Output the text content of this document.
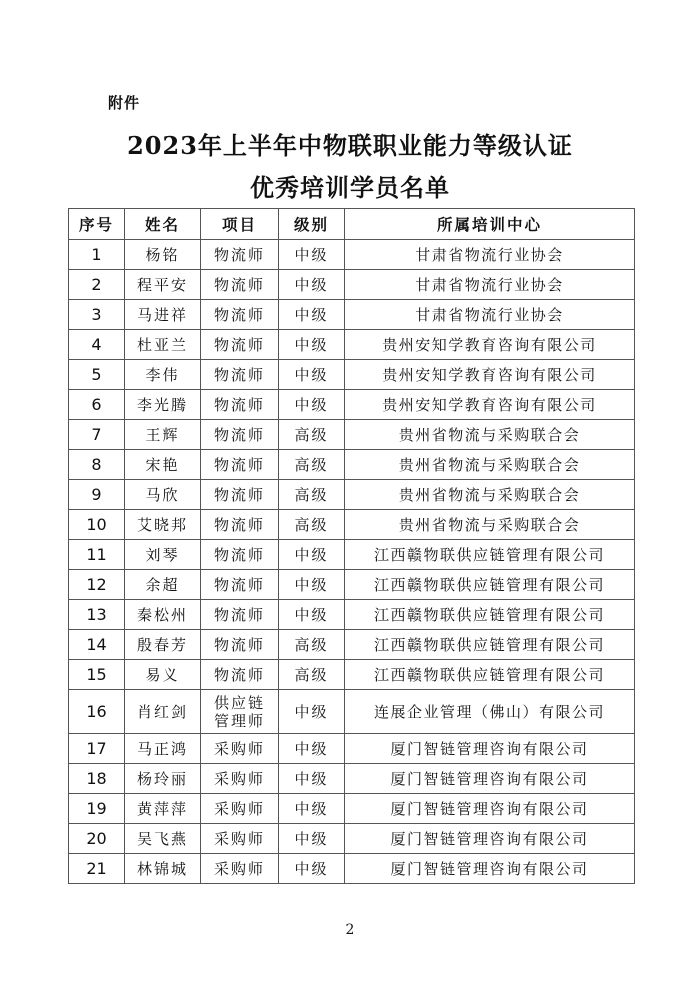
附件
2023年上半年中物联职业能力等级认证
优秀培训学员名单
序号	姓名	项目	级别	所属培训中心
1	杨铭	物流师	中级	甘肃省物流行业协会
2	程平安	物流师	中级	甘肃省物流行业协会
3	马进祥	物流师	中级	甘肃省物流行业协会
4	杜亚兰	物流师	中级	贵州安知学教育咨询有限公司
5	李伟	物流师	中级	贵州安知学教育咨询有限公司
6	李光腾	物流师	中级	贵州安知学教育咨询有限公司
7	王辉	物流师	高级	贵州省物流与采购联合会
8	宋艳	物流师	高级	贵州省物流与采购联合会
9	马欣	物流师	高级	贵州省物流与采购联合会
10	艾晓邦	物流师	高级	贵州省物流与采购联合会
11	刘琴	物流师	中级	江西赣物联供应链管理有限公司
12	余超	物流师	中级	江西赣物联供应链管理有限公司
13	秦松州	物流师	中级	江西赣物联供应链管理有限公司
14	殷春芳	物流师	高级	江西赣物联供应链管理有限公司
15	易义	物流师	高级	江西赣物联供应链管理有限公司
16	肖红剑	供应链管理师	中级	连展企业管理（佛山）有限公司
17	马正鸿	采购师	中级	厦门智链管理咨询有限公司
18	杨玲丽	采购师	中级	厦门智链管理咨询有限公司
19	黄萍萍	采购师	中级	厦门智链管理咨询有限公司
20	吴飞燕	采购师	中级	厦门智链管理咨询有限公司
21	林锦城	采购师	中级	厦门智链管理咨询有限公司
2
